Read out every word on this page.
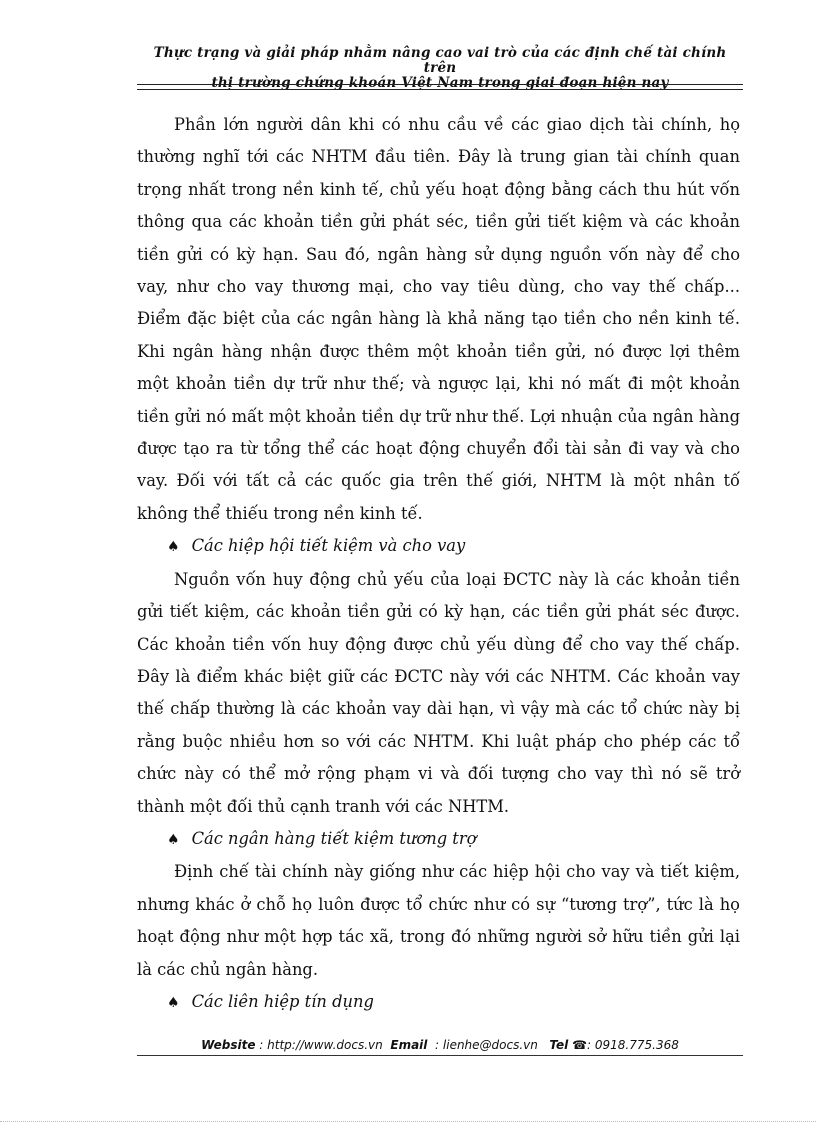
Thực trạng và giải pháp nhằm nâng cao vai trò của các định chế tài chính trên
thị trường chứng khoán Việt Nam trong giai đoạn hiện nay

Phần lớn người dân khi có nhu cầu về các giao dịch tài chính, họ thường nghĩ tới các NHTM đầu tiên. Đây là trung gian tài chính quan trọng nhất trong nền kinh tế, chủ yếu hoạt động bằng cách thu hút vốn thông qua các khoản tiền gửi phát séc, tiền gửi tiết kiệm và các khoản tiền gửi có kỳ hạn. Sau đó, ngân hàng sử dụng nguồn vốn này để cho vay, như cho vay thương mại, cho vay tiêu dùng, cho vay thế chấp... Điểm đặc biệt của các ngân hàng là khả năng tạo tiền cho nền kinh tế. Khi ngân hàng nhận được thêm một khoản tiền gửi, nó được lợi thêm một khoản tiền dự trữ như thế; và ngược lại, khi nó mất đi một khoản tiền gửi nó mất một khoản tiền dự trữ như thế. Lợi nhuận của ngân hàng được tạo ra từ tổng thể các hoạt động chuyển đổi tài sản đi vay và cho vay. Đối với tất cả các quốc gia trên thế giới, NHTM là một nhân tố không thể thiếu trong nền kinh tế.

♠ Các hiệp hội tiết kiệm và cho vay

Nguồn vốn huy động chủ yếu của loại ĐCTC này là các khoản tiền gửi tiết kiệm, các khoản tiền gửi có kỳ hạn, các tiền gửi phát séc được. Các khoản tiền vốn huy động được chủ yếu dùng để cho vay thế chấp. Đây là điểm khác biệt giữ các ĐCTC này với các NHTM. Các khoản vay thế chấp thường là các khoản vay dài hạn, vì vậy mà các tổ chức này bị rằng buộc nhiều hơn so với các NHTM. Khi luật pháp cho phép các tổ chức này có thể mở rộng phạm vi và đối tượng cho vay thì nó sẽ trở thành một đối thủ cạnh tranh với các NHTM.

♠ Các ngân hàng tiết kiệm tương trợ

Định chế tài chính này giống như các hiệp hội cho vay và tiết kiệm, nhưng khác ở chỗ họ luôn được tổ chức như có sự “tương trợ”, tức là họ hoạt động như một hợp tác xã, trong đó những người sở hữu tiền gửi lại là các chủ ngân hàng.

♠ Các liên hiệp tín dụng

Website : http://www.docs.vn Email : lienhe@docs.vn Tel ☎: 0918.775.368
